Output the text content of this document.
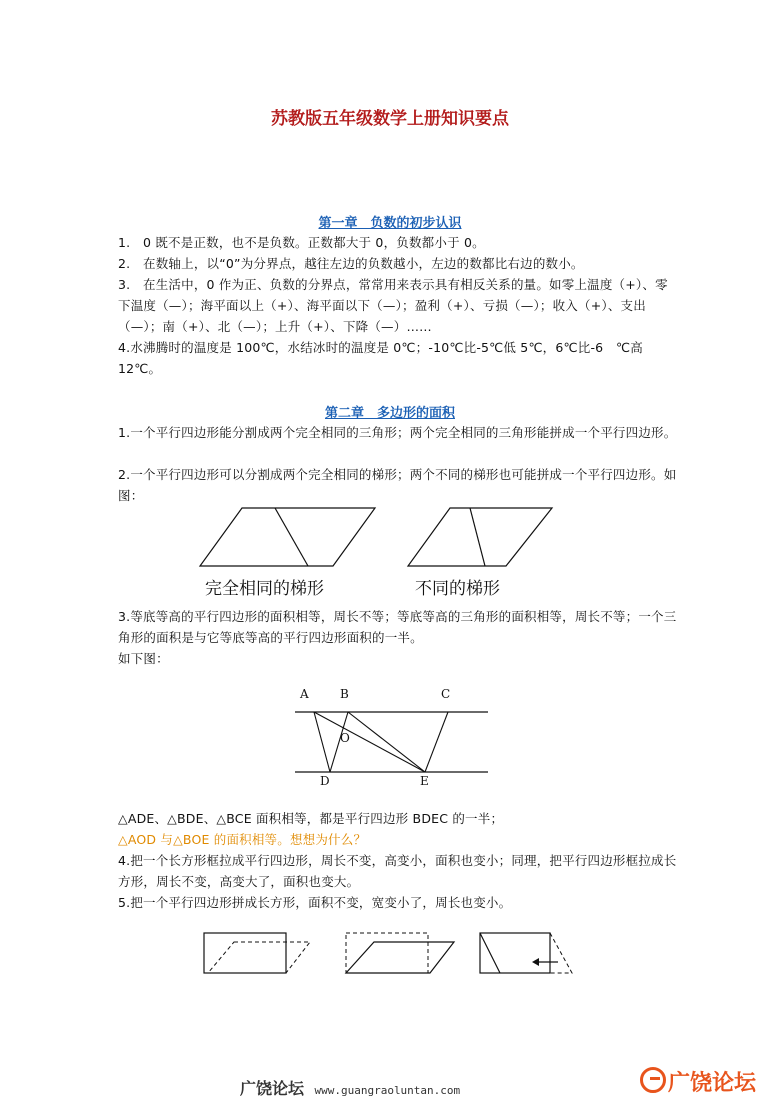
苏教版五年级数学上册知识要点
第一章　负数的初步认识

1.　0 既不是正数，也不是负数。正数都大于 0，负数都小于 0。

2.　在数轴上，以“0”为分界点，越往左边的负数越小，左边的数都比右边的数小。

3.　在生活中，0 作为正、负数的分界点，常常用来表示具有相反关系的量。如零上温度（+）、零下温度（—）；海平面以上（+）、海平面以下（—）；盈利（+）、亏损（—）；收入（+）、支出（—）；南（+）、北（—）；上升（+）、下降（—）……

4.水沸腾时的温度是 100℃，水结冰时的温度是 0℃；-10℃比-5℃低 5℃，6℃比-6　℃高 12℃。

第二章　多边形的面积

1.一个平行四边形能分割成两个完全相同的三角形；两个完全相同的三角形能拼成一个平行四边形。

2.一个平行四边形可以分割成两个完全相同的梯形；两个不同的梯形也可能拼成一个平行四边形。如图：

完全相同的梯形	不同的梯形

3.等底等高的平行四边形的面积相等，周长不等；等底等高的三角形的面积相等，周长不等；一个三角形的面积是与它等底等高的平行四边形面积的一半。

如下图：

A	B	C
O
D	E

△ADE、△BDE、△BCE 面积相等，都是平行四边形 BDEC 的一半；

△AOD 与△BOE 的面积相等。想想为什么？

4.把一个长方形框拉成平行四边形，周长不变，高变小，面积也变小；同理，把平行四边形框拉成长方形，周长不变，高变大了，面积也变大。

5.把一个平行四边形拼成长方形，面积不变，宽变小了，周长也变小。

广饶论坛 www.guangraoluntan.com	广饶论坛
